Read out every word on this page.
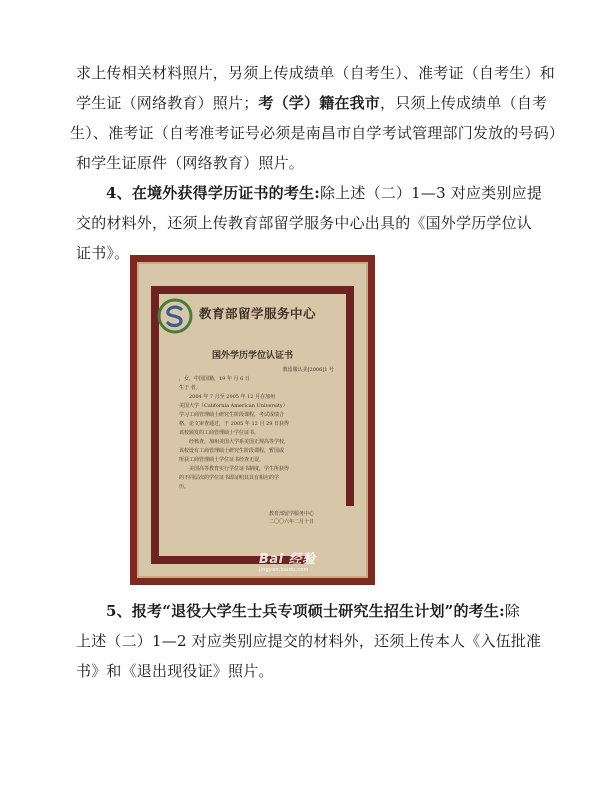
求上传相关材料照片，另须上传成绩单（自考生）、准考证（自考生）和
学生证（网络教育）照片；考（学）籍在我市，只须上传成绩单（自考
生）、准考证（自考准考证号必须是南昌市自学考试管理部门发放的号码）
和学生证原件（网络教育）照片。
4、在境外获得学历证书的考生:除上述（二）1—3 对应类别应提
交的材料外，还须上传教育部留学服务中心出具的《国外学历学位认
证书》。
教育部留学服务中心
国外学历学位认证书
教留服认美[2006]1 号
，女，中国国籍，19 年 月 6 日
生于 者。
2004 年 7 月至 2005 年 12 月在加州
美国大学（California American University）
学习工商管理硕士研究生阶段课程，考试成绩合
格，论文审查通过，于 2005 年 12 月 29 日获得
该校颁发的工商管理硕士学位证书。
经核查，加州美国大学系美国正规高等学校，
该校设有工商管理硕士研究生阶段课程，暂国或
所获工商管理硕士学位证书经查无误。
美国高等教育实行学位证书制度，学生所获得
的不同层次的学位证书即证明其具有相应的学
历。
教育部留学服务中心
二〇〇六年二月十日
Bai 经验
jingyan.baidu.com
5、报考“退役大学生士兵专项硕士研究生招生计划”的考生:除
上述（二）1—2 对应类别应提交的材料外，还须上传本人《入伍批准
书》和《退出现役证》照片。
